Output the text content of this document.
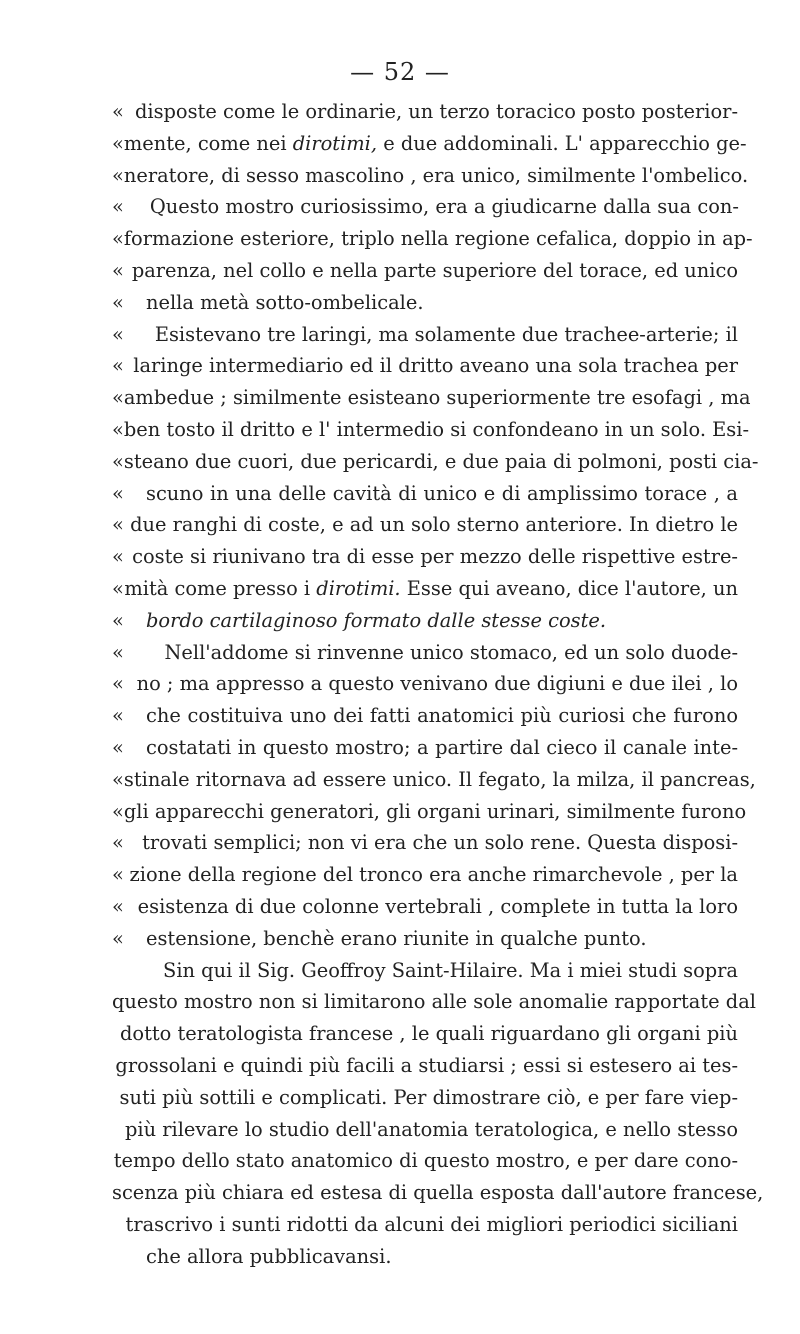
— 52 —
« disposte come le ordinarie, un terzo toracico posto posterior-
« mente, come nei dirotimi, e due addominali. L' apparecchio ge-
« neratore, di sesso mascolino , era unico, similmente l'ombelico.
«	Questo mostro curiosissimo, era a giudicarne dalla sua con-
« formazione esteriore, triplo nella regione cefalica, doppio in ap-
« parenza, nel collo e nella parte superiore del torace, ed unico
«	nella metà sotto-ombelicale.
«	Esistevano tre laringi, ma solamente due trachee-arterie; il
« laringe intermediario ed il dritto aveano una sola trachea per
« ambedue ; similmente esisteano superiormente tre esofagi , ma
« ben tosto il dritto e l' intermedio si confondeano in un solo. Esi-
« steano due cuori, due pericardi, e due paia di polmoni, posti cia-
«	scuno in una delle cavità di unico e di amplissimo torace , a
« due ranghi di coste, e ad un solo sterno anteriore. In dietro le
« coste si riunivano tra di esse per mezzo delle rispettive estre-
« mità come presso i dirotimi. Esse qui aveano, dice l'autore, un
«	bordo cartilaginoso formato dalle stesse coste.
«	Nell'addome si rinvenne unico stomaco, ed un solo duode-
« no ; ma appresso a questo venivano due digiuni e due ilei , lo
«	che costituiva uno dei fatti anatomici più curiosi che furono
«	costatati in questo mostro; a partire dal cieco il canale inte-
« stinale ritornava ad essere unico. Il fegato, la milza, il pancreas,
« gli apparecchi generatori, gli organi urinari, similmente furono
« trovati semplici; non vi era che un solo rene. Questa disposi-
« zione della regione del tronco era anche rimarchevole , per la
« esistenza di due colonne vertebrali , complete in tutta la loro
«	estensione, benchè erano riunite in qualche punto.
Sin qui il Sig. Geoffroy Saint-Hilaire. Ma i miei studi sopra
questo mostro non si limitarono alle sole anomalie rapportate dal
dotto teratologista francese , le quali riguardano gli organi più
grossolani e quindi più facili a studiarsi ; essi si estesero ai tes-
suti più sottili e complicati. Per dimostrare ciò, e per fare viep-
più rilevare lo studio dell'anatomia teratologica, e nello stesso
tempo dello stato anatomico di questo mostro, e per dare cono-
scenza più chiara ed estesa di quella esposta dall'autore francese,
trascrivo i sunti ridotti da alcuni dei migliori periodici siciliani
che allora pubblicavansi.
